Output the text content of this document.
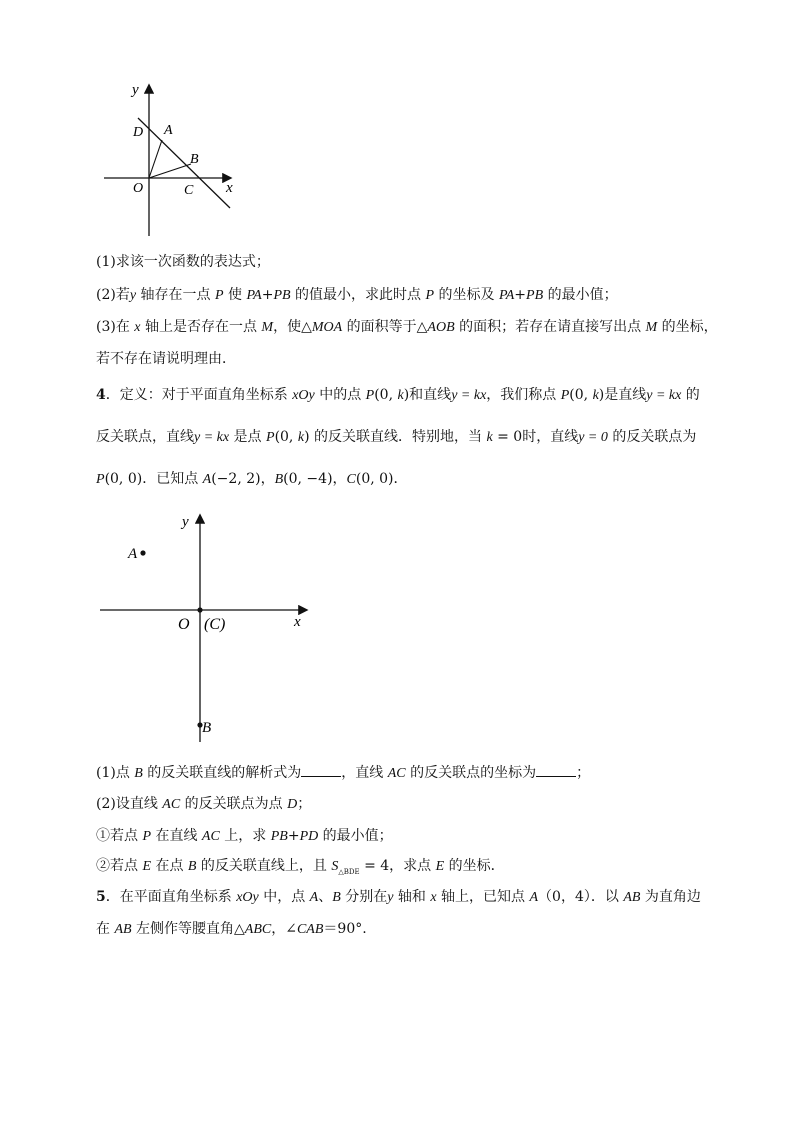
y
x
O
D A
B
C
(1)求该一次函数的表达式；
(2)若y 轴存在一点 P 使 PA+PB 的值最小，求此时点 P 的坐标及 PA+PB 的最小值；
(3)在 x 轴上是否存在一点 M，使△MOA 的面积等于△AOB 的面积；若存在请直接写出点 M 的坐标，
若不存在请说明理由．
4．定义：对于平面直角坐标系 xOy 中的点 P(0, k)和直线y = kx，我们称点 P(0, k)是直线y = kx 的
反关联点，直线y = kx 是点 P(0, k) 的反关联直线．特别地，当 k = 0时，直线y = 0 的反关联点为
P(0, 0)．已知点 A(−2, 2)，B(0, −4)，C(0, 0)．
y
x
O (C)
A
B
(1)点 B 的反关联直线的解析式为	，直线 AC 的反关联点的坐标为	；
(2)设直线 AC 的反关联点为点 D；
①若点 P 在直线 AC 上，求 PB+PD 的最小值；
②若点 E 在点 B 的反关联直线上，且 $S_{\triangle BDE} = 4$，求点 E 的坐标．
5．在平面直角坐标系 xOy 中，点 A、B 分别在y 轴和 x 轴上，已知点 A（0，4）．以 AB 为直角边
在 AB 左侧作等腰直角△ABC，∠CAB＝90°.
